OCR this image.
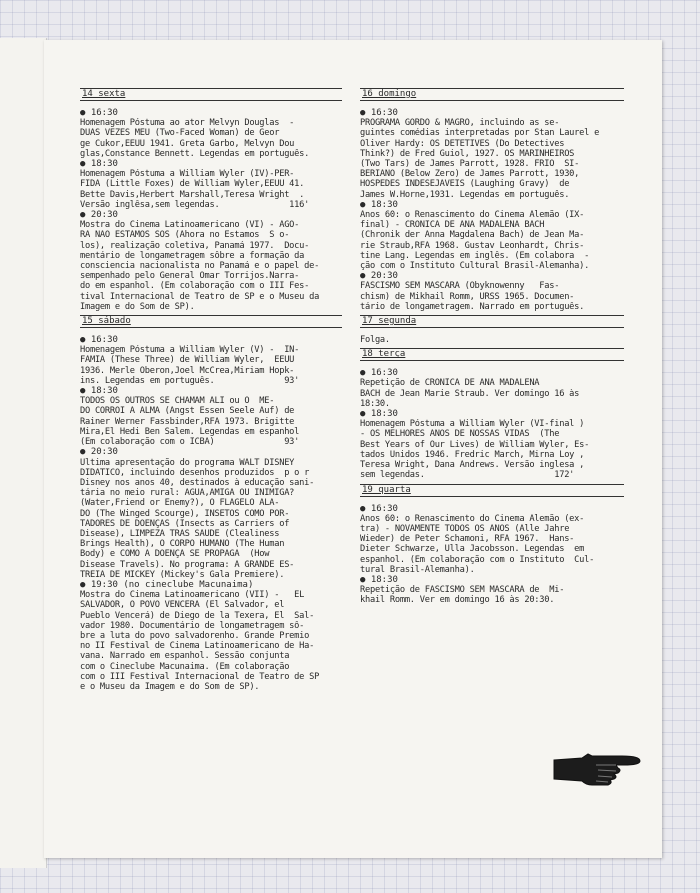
14 sexta
● 16:30
Homenagem Póstuma ao ator Melvyn Douglas  -
DUAS VEZES MEU (Two-Faced Woman) de Geor
ge Cukor,EEUU 1941. Greta Garbo, Melvyn Dou
glas,Constance Bennett. Legendas em português.
● 18:30
Homenagem Póstuma a William Wyler (IV)-PER-
FIDA (Little Foxes) de William Wyler,EEUU 41.
Bette Davis,Herbert Marshall,Teresa Wright  .
Versão inglêsa,sem legendas.              116'
● 20:30
Mostra do Cinema Latinoamericano (VI) - AGO-
RA NÃO ESTAMOS SÓS (Ahora no Estamos  S o-
los), realização coletiva, Panamá 1977.  Docu-
mentário de longametragem sôbre a formação da
consciencia nacionalista no Panamá e o papel de-
sempenhado pelo General Omar Torrijos.Narra-
do em espanhol. (Em colaboração com o III Fes-
tival Internacional de Teatro de SP e o Museu da
Imagem e do Som de SP).
15 sábado
● 16:30
Homenagem Póstuma a William Wyler (V) -  IN-
FÂMIA (These Three) de William Wyler,  EEUU
1936. Merle Oberon,Joel McCrea,Miriam Hopk-
ins. Legendas em português.              93'
● 18:30
TODOS OS OUTROS SE CHAMAM ALI ou O  ME-
DO CORRÓI A ALMA (Angst Essen Seele Auf) de
Rainer Werner Fassbinder,RFA 1973. Brigitte
Mira,El Hedi Ben Salem. Legendas em espanhol
(Em colaboração com o ICBA)              93'
● 20:30
Ultima apresentação do programa WALT DISNEY
DIDÁTICO, incluindo desenhos produzidos  p o r
Disney nos anos 40, destinados à educação sani-
tária no meio rural: ÁGUA,AMIGA OU INIMIGA?
(Water,Friend or Enemy?), O FLAGELO ALA-
DO (The Winged Scourge), INSETOS COMO POR-
TADORES DE DOENÇAS (Insects as Carriers of
Disease), LIMPEZA TRAS SAUDE (Clealiness
Brings Health), O CORPO HUMANO (The Human
Body) e COMO A DOENÇA SE PROPAGA  (How
Disease Travels). No programa: A GRANDE ES-
TRÉIA DE MICKEY (Mickey's Gala Premiere).
● 19:30 (no cineclube Macunaima)
Mostra do Cinema Latinoamericano (VII) -   EL
SALVADOR, O POVO VENCERÁ (El Salvador, el
Pueblo Vencerá) de Diego de la Texera, El  Sal-
vador 1980. Documentário de longametragem sô-
bre a luta do povo salvadorenho. Grande Premio
no II Festival de Cinema Latinoamericano de Ha-
vana. Narrado em espanhol. Sessão conjunta
com o Cineclube Macunaima. (Em colaboração
com o III Festival Internacional de Teatro de SP
e o Museu da Imagem e do Som de SP).
16 domingo
● 16:30
PROGRAMA GORDO & MAGRO, incluindo as se-
guintes comédias interpretadas por Stan Laurel e
Oliver Hardy: OS DETETIVES (Do Detectives
Think?) de Fred Guiol, 1927. OS MARINHEIROS
(Two Tars) de James Parrott, 1928. FRIO  SI-
BERIANO (Below Zero) de James Parrott, 1930,
HOSPEDES INDESEJÁVEIS (Laughing Gravy)  de
James W.Horne,1931. Legendas em português.
● 18:30
Anos 60: o Renascimento do Cinema Alemão (IX-
final) - CRONICA DE ANA MADALENA BACH
(Chronik der Anna Magdalena Bach) de Jean Ma-
rie Straub,RFA 1968. Gustav Leonhardt, Chris-
tine Lang. Legendas em inglês. (Em colabora  -
ção com o Instituto Cultural Brasil-Alemanha).
● 20:30
FASCISMO SEM MÁSCARA (Obyknowenny   Fas-
chism) de Mikhail Romm, URSS 1965. Documen-
tário de longametragem. Narrado em português.
17 segunda
Folga.
18 terça
● 16:30
Repetição de CRONICA DE ANA MADALENA
BACH de Jean Marie Straub. Ver domingo 16 às
18:30.
● 18:30
Homenagem Póstuma a William Wyler (VI-final )
- OS MELHORES ANOS DE NOSSAS VIDAS  (The
Best Years of Our Lives) de William Wyler, Es-
tados Unidos 1946. Fredric March, Mirna Loy ,
Teresa Wright, Dana Andrews. Versão inglesa ,
sem legendas.                          172'
19 quarta
● 16:30
Anos 60: o Renascimento do Cinema Alemão (ex-
tra) - NOVAMENTE TODOS OS ANOS (Alle Jahre
Wieder) de Peter Schamoni, RFA 1967.  Hans-
Dieter Schwarze, Ulla Jacobsson. Legendas  em
espanhol. (Em colaboração com o Instituto  Cul-
tural Brasil-Alemanha).
● 18:30
Repetição de FASCISMO SEM MÁSCARA de  Mi-
khail Romm. Ver em domingo 16 às 20:30.
